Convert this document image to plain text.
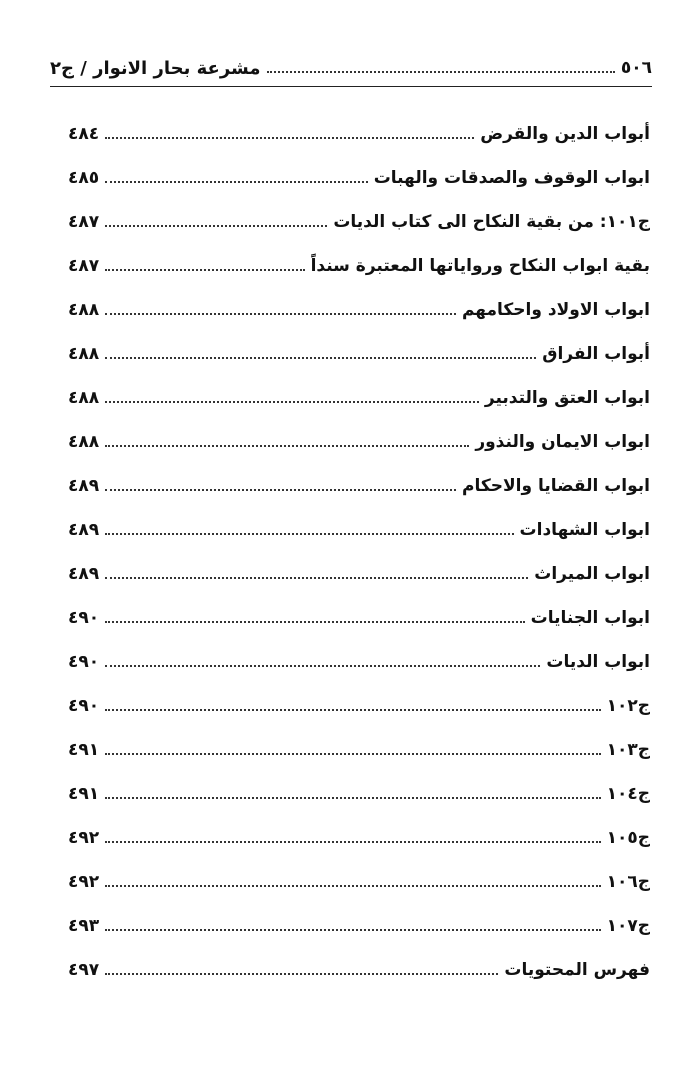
٥٠٦
مشرعة بحار الانوار / ج٢
أبواب الدين والقرض
٤٨٤
ابواب الوقوف والصدقات والهبات
٤٨٥
ج١٠١: من بقية النكاح الى كتاب الديات
٤٨٧
بقية ابواب النكاح ورواياتها المعتبرة سنداً
٤٨٧
ابواب الاولاد واحكامهم
٤٨٨
أبواب الفراق
٤٨٨
ابواب العتق والتدبير
٤٨٨
ابواب الايمان والنذور
٤٨٨
ابواب القضايا والاحكام
٤٨٩
ابواب الشهادات
٤٨٩
ابواب الميراث
٤٨٩
ابواب الجنايات
٤٩٠
ابواب الديات
٤٩٠
ج١٠٢
٤٩٠
ج١٠٣
٤٩١
ج١٠٤
٤٩١
ج١٠٥
٤٩٢
ج١٠٦
٤٩٢
ج١٠٧
٤٩٣
فهرس المحتويات
٤٩٧
